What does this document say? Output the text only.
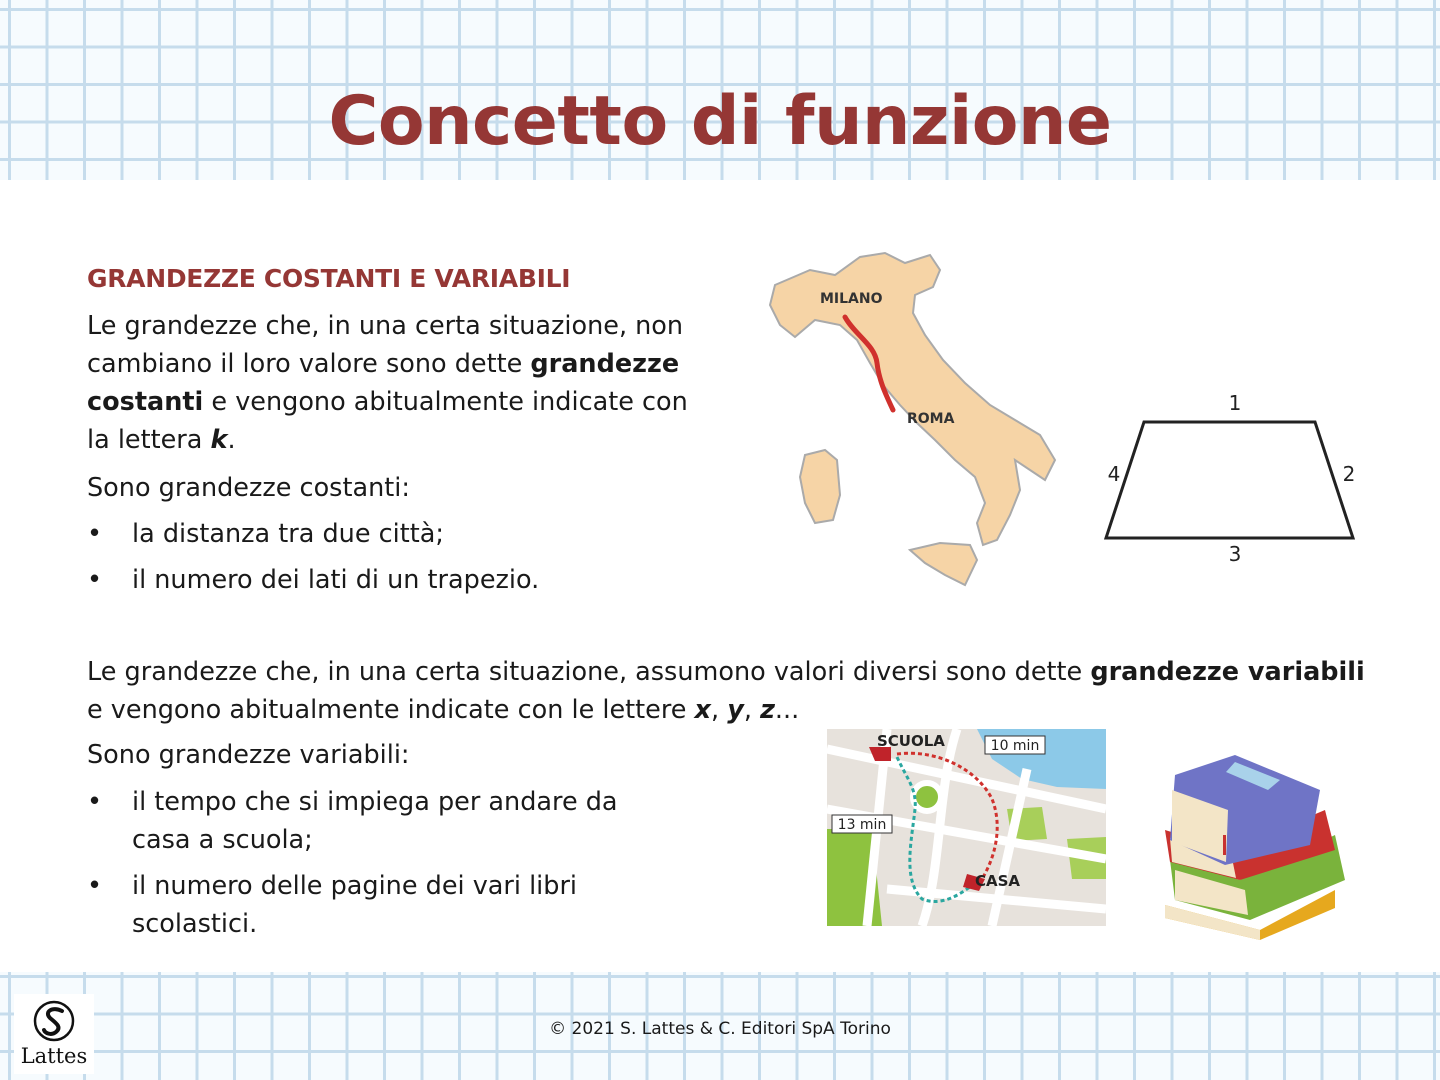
Concetto di funzione
GRANDEZZE COSTANTI E VARIABILI

Le grandezze che, in una certa situazione, non cambiano il loro valore sono dette grandezze costanti e vengono abitualmente indicate con la lettera k.

Sono grandezze costanti:

• la distanza tra due città;
• il numero dei lati di un trapezio.

Le grandezze che, in una certa situazione, assumono valori diversi sono dette grandezze variabili e vengono abitualmente indicate con le lettere x, y, z...

Sono grandezze variabili:

• il tempo che si impiega per andare da casa a scuola;
• il numero delle pagine dei vari libri scolastici.
MILANO
ROMA
1
2
3
4
SCUOLA
CASA
10 min
13 min
Lattes
© 2021 S. Lattes & C. Editori SpA Torino
